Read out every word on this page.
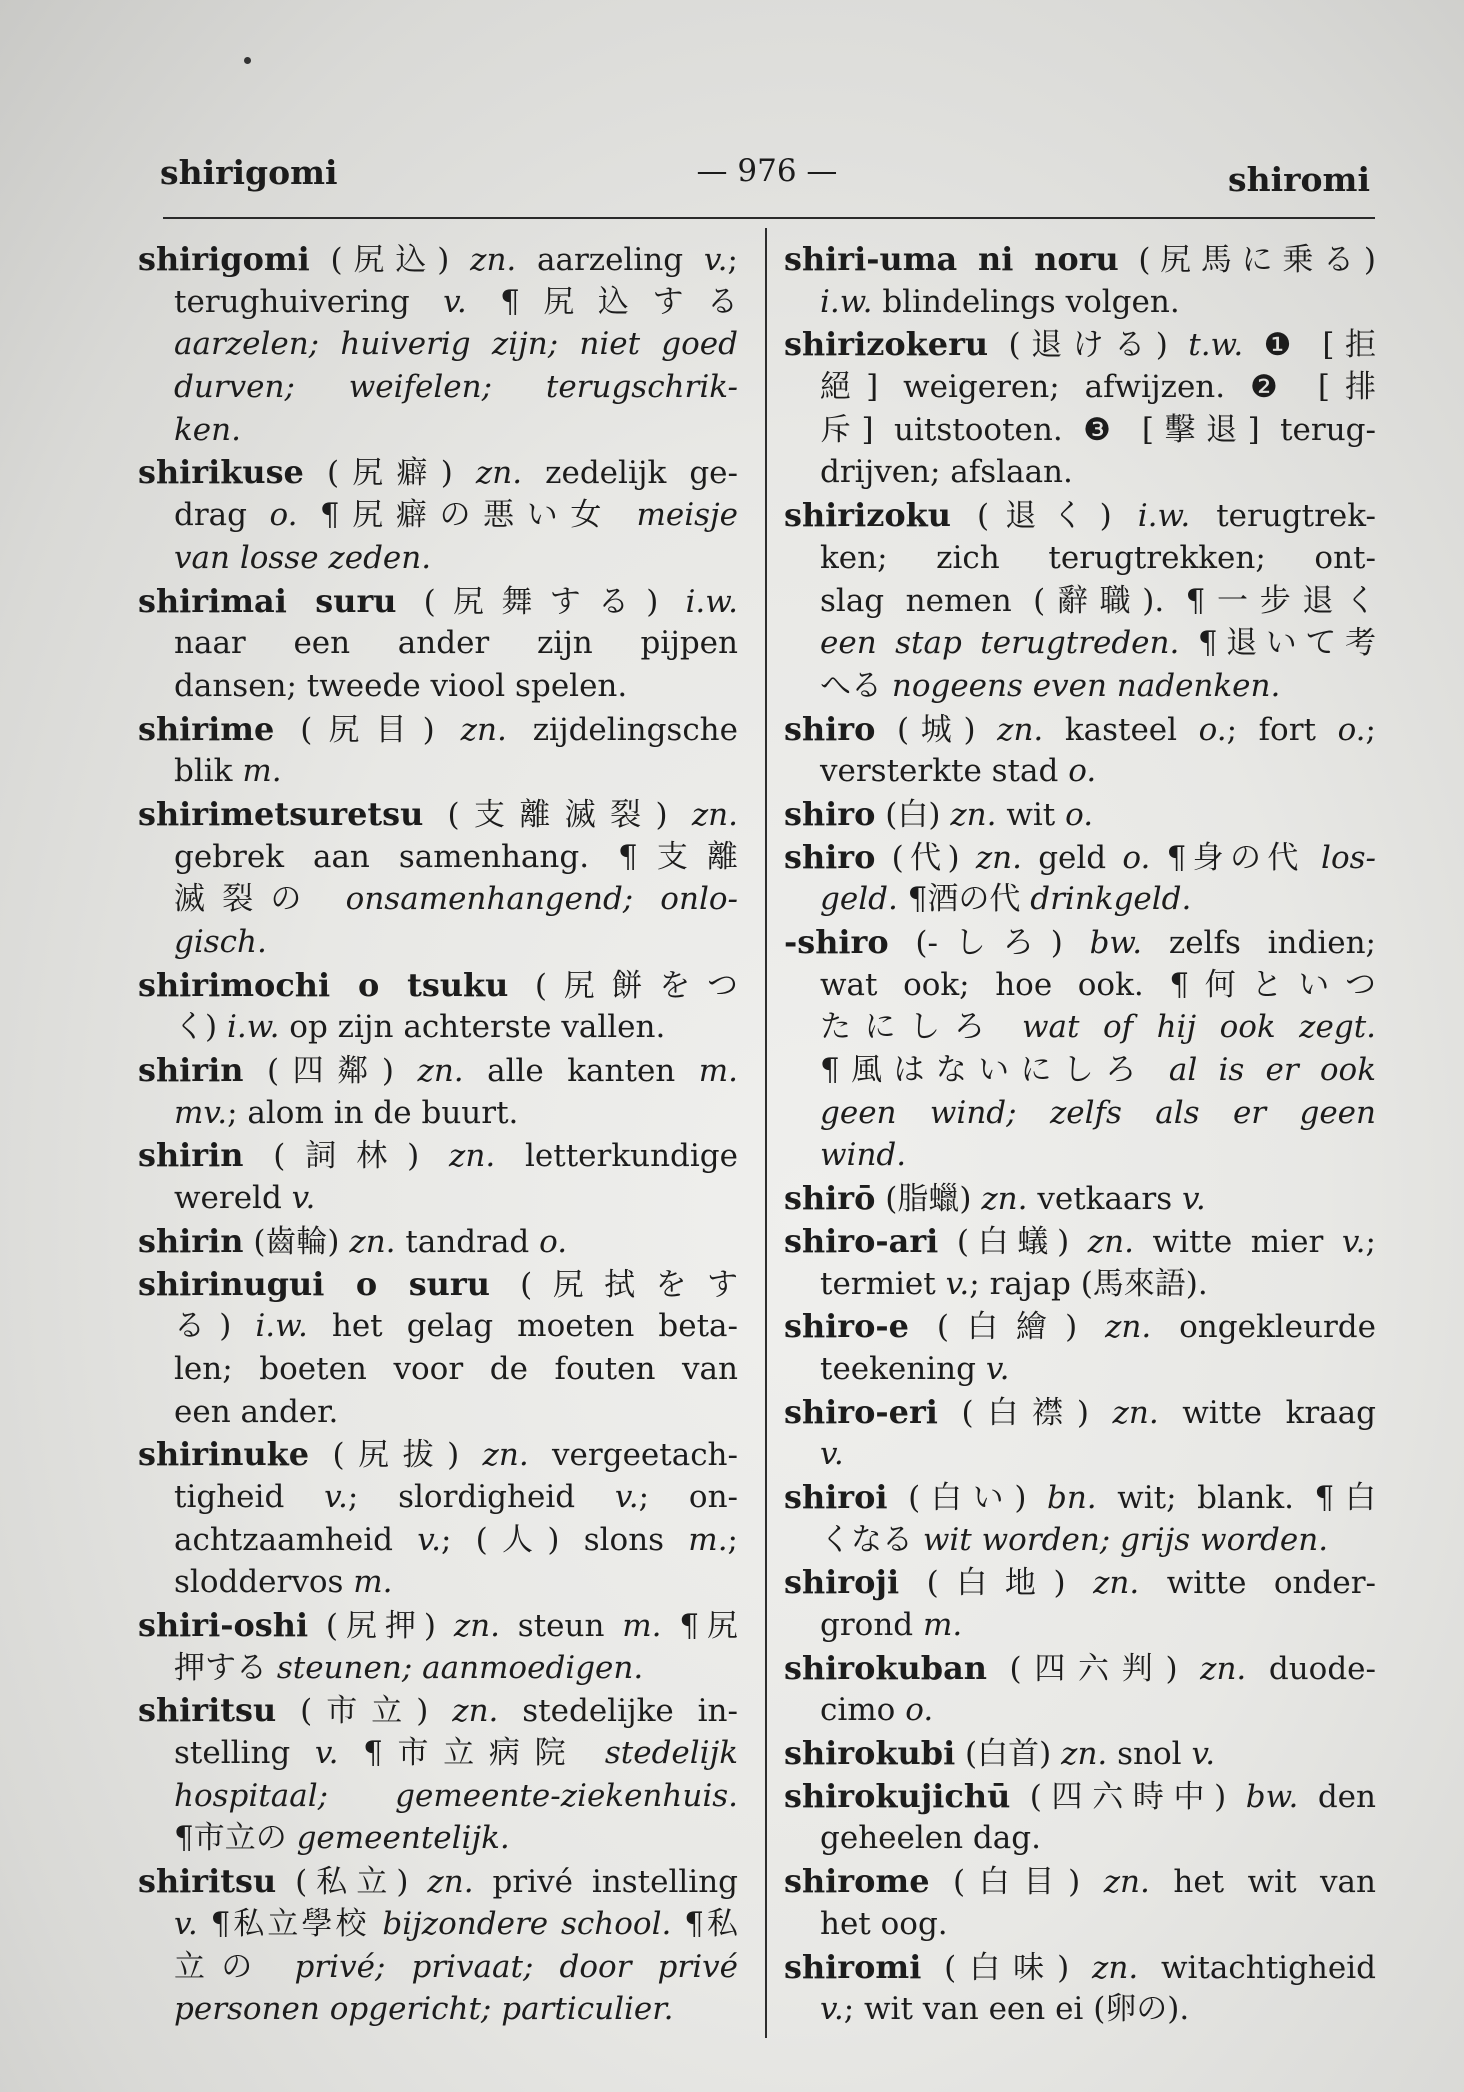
shirigomi	— 976 —	shiromi
shirigomi (尻込) zn. aarzeling v.;
terughuivering v. ¶尻込する
aarzelen; huiverig zijn; niet goed
durven; weifelen; terugschrik-
ken.
shirikuse (尻癖) zn. zedelijk ge-
drag o. ¶尻癖の悪い女 meisje
van losse zeden.
shirimai suru (尻舞する) i.w.
naar een ander zijn pijpen
dansen; tweede viool spelen.
shirime (尻目) zn. zijdelingsche
blik m.
shirimetsuretsu (支離滅裂) zn.
gebrek aan samenhang. ¶支離
滅裂の onsamenhangend; onlo-
gisch.
shirimochi o tsuku (尻餅をつ
く) i.w. op zijn achterste vallen.
shirin (四鄰) zn. alle kanten m.
mv.; alom in de buurt.
shirin (詞林) zn. letterkundige
wereld v.
shirin (齒輪) zn. tandrad o.
shirinugui o suru (尻拭をす
る) i.w. het gelag moeten beta-
len; boeten voor de fouten van
een ander.
shirinuke (尻拔) zn. vergeetach-
tigheid v.; slordigheid v.; on-
achtzaamheid v.; (人) slons m.;
sloddervos m.
shiri-oshi (尻押) zn. steun m. ¶尻
押する steunen; aanmoedigen.
shiritsu (市立) zn. stedelijke in-
stelling v. ¶市立病院 stedelijk
hospitaal; gemeente-ziekenhuis.
¶市立の gemeentelijk.
shiritsu (私立) zn. privé instelling
v. ¶私立學校 bijzondere school. ¶私
立の privé; privaat; door privé
personen opgericht; particulier.
shiri-uma ni noru (尻馬に乗る)
i.w. blindelings volgen.
shirizokeru (退ける) t.w. ❶ [拒
絕] weigeren; afwijzen. ❷ [排
斥] uitstooten. ❸ [擊退] terug-
drijven; afslaan.
shirizoku (退く) i.w. terugtrek-
ken; zich terugtrekken; ont-
slag nemen (辭職). ¶一步退く
een stap terugtreden. ¶退いて考
へる nogeens even nadenken.
shiro (城) zn. kasteel o.; fort o.;
versterkte stad o.
shiro (白) zn. wit o.
shiro (代) zn. geld o. ¶身の代 los-
geld. ¶酒の代 drinkgeld.
-shiro (-しろ) bw. zelfs indien;
wat ook; hoe ook. ¶何といつ
たにしろ wat of hij ook zegt.
¶風はないにしろ al is er ook
geen wind; zelfs als er geen
wind.
shirō (脂蠟) zn. vetkaars v.
shiro-ari (白蟻) zn. witte mier v.;
termiet v.; rajap (馬來語).
shiro-e (白繪) zn. ongekleurde
teekening v.
shiro-eri (白襟) zn. witte kraag
v.
shiroi (白い) bn. wit; blank. ¶白
くなる wit worden; grijs worden.
shiroji (白地) zn. witte onder-
grond m.
shirokuban (四六判) zn. duode-
cimo o.
shirokubi (白首) zn. snol v.
shirokujichū (四六時中) bw. den
geheelen dag.
shirome (白目) zn. het wit van
het oog.
shiromi (白味) zn. witachtigheid
v.; wit van een ei (卵の).
